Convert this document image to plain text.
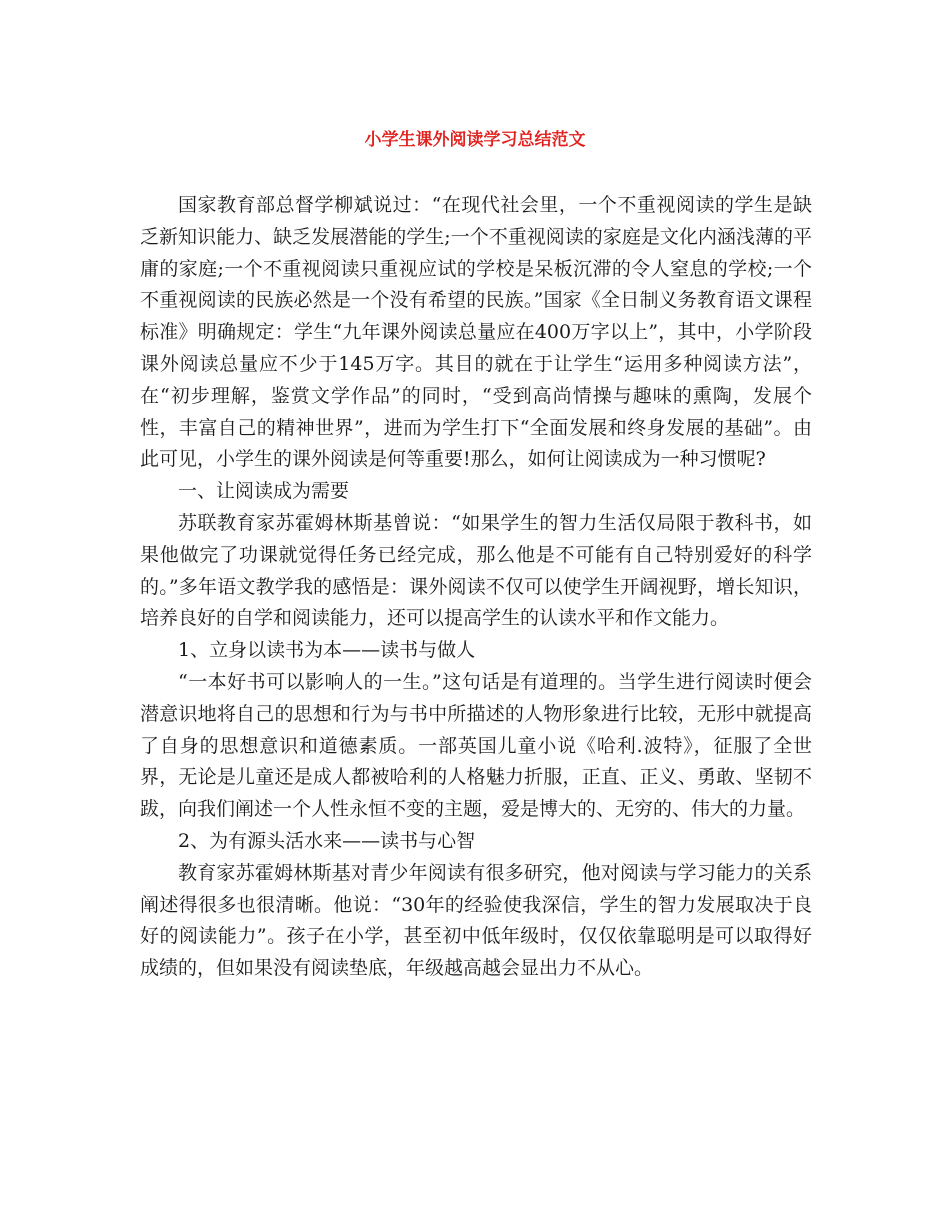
小学生课外阅读学习总结范文

国家教育部总督学柳斌说过：“在现代社会里，一个不重视阅读的学生是缺乏新知识能力、缺乏发展潜能的学生;一个不重视阅读的家庭是文化内涵浅薄的平庸的家庭;一个不重视阅读只重视应试的学校是呆板沉滞的令人窒息的学校;一个不重视阅读的民族必然是一个没有希望的民族。”国家《全日制义务教育语文课程标准》明确规定：学生“九年课外阅读总量应在400万字以上”，其中，小学阶段课外阅读总量应不少于145万字。其目的就在于让学生“运用多种阅读方法”，在“初步理解，鉴赏文学作品”的同时，“受到高尚情操与趣味的熏陶，发展个性，丰富自己的精神世界”，进而为学生打下“全面发展和终身发展的基础”。由此可见，小学生的课外阅读是何等重要!那么，如何让阅读成为一种习惯呢?

一、让阅读成为需要

苏联教育家苏霍姆林斯基曾说：“如果学生的智力生活仅局限于教科书，如果他做完了功课就觉得任务已经完成，那么他是不可能有自己特别爱好的科学的。”多年语文教学我的感悟是：课外阅读不仅可以使学生开阔视野，增长知识，培养良好的自学和阅读能力，还可以提高学生的认读水平和作文能力。

1、立身以读书为本——读书与做人

“一本好书可以影响人的一生。”这句话是有道理的。当学生进行阅读时便会潜意识地将自己的思想和行为与书中所描述的人物形象进行比较，无形中就提高了自身的思想意识和道德素质。一部英国儿童小说《哈利.波特》，征服了全世界，无论是儿童还是成人都被哈利的人格魅力折服，正直、正义、勇敢、坚韧不跋，向我们阐述一个人性永恒不变的主题，爱是博大的、无穷的、伟大的力量。

2、为有源头活水来——读书与心智

教育家苏霍姆林斯基对青少年阅读有很多研究，他对阅读与学习能力的关系阐述得很多也很清晰。他说：“30年的经验使我深信，学生的智力发展取决于良好的阅读能力”。孩子在小学，甚至初中低年级时，仅仅依靠聪明是可以取得好成绩的，但如果没有阅读垫底，年级越高越会显出力不从心。
